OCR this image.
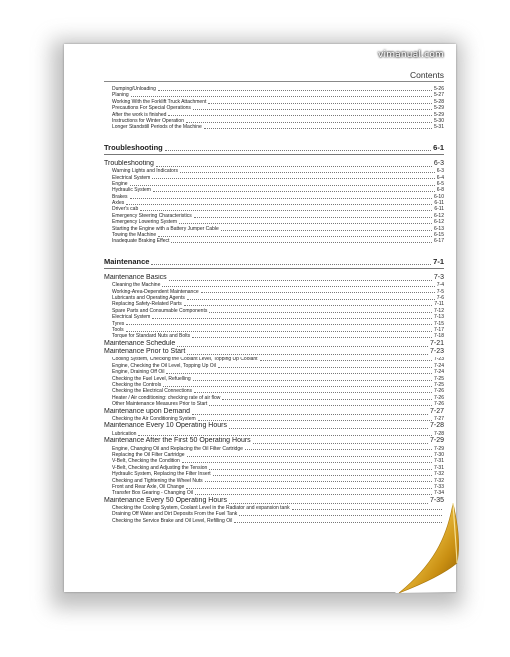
vimanual.com
Contents
Dumping/Unloading	5-26
Planing	5-27
Working With the Forklift Truck Attachment	5-28
Precautions For Special Operations	5-29
After the work is finished	5-29
Instructions for Winter Operation	5-30
Longer Standstill Periods of the Machine	5-31
Troubleshooting	6-1
Troubleshooting	6-3
Warning Lights and Indicators	6-3
Electrical System	6-4
Engine	6-5
Hydraulic System	6-8
Brakes	6-10
Axles	6-11
Driver's cab	6-11
Emergency Steering Characteristics	6-12
Emergency Lowering System	6-12
Starting the Engine with a Battery Jumper Cable	6-13
Towing the Machine	6-15
Inadequate Braking Effect	6-17
Maintenance	7-1
Maintenance Basics	7-3
Cleaning the Machine	7-4
Working-Area-Dependent Maintenance	7-5
Lubricants and Operating Agents	7-6
Replacing Safety-Related Parts	7-11
Spare Parts and Consumable Components	7-12
Electrical System	7-13
Tyres	7-15
Tools	7-17
Torque for Standard Nuts and Bolts	7-18
Maintenance Schedule	7-21
Maintenance Prior to Start	7-23
Cooling System, Checking the Coolant Level, Topping Up Coolant	7-23
Engine, Checking the Oil Level, Topping Up Oil	7-24
Engine, Draining Off Oil	7-24
Checking the Fuel Level, Refuelling	7-25
Checking the Controls	7-25
Checking the Electrical Connections	7-26
Heater / Air conditioning: checking rate of air flow	7-26
Other Maintenance Measures Prior to Start	7-26
Maintenance upon Demand	7-27
Checking the Air Conditioning System	7-27
Maintenance Every 10 Operating Hours	7-28
Lubrication	7-28
Maintenance After the First 50 Operating Hours	7-29
Engine, Changing Oil and Replacing the Oil Filter Cartridge	7-29
Replacing the Oil Filter Cartridge	7-30
V-Belt, Checking the Condition	7-31
V-Belt, Checking and Adjusting the Tension	7-31
Hydraulic System, Replacing the Filter Insert	7-32
Checking and Tightening the Wheel Nuts	7-32
Front and Rear Axle, Oil Change	7-33
Transfer Box Gearing - Changing Oil	7-34
Maintenance Every 50 Operating Hours	7-35
Checking the Cooling System, Coolant Level in the Radiator and expansion tank
Draining Off Water and Dirt Deposits From the Fuel Tank
Checking the Service Brake and Oil Level, Refilling Oil
